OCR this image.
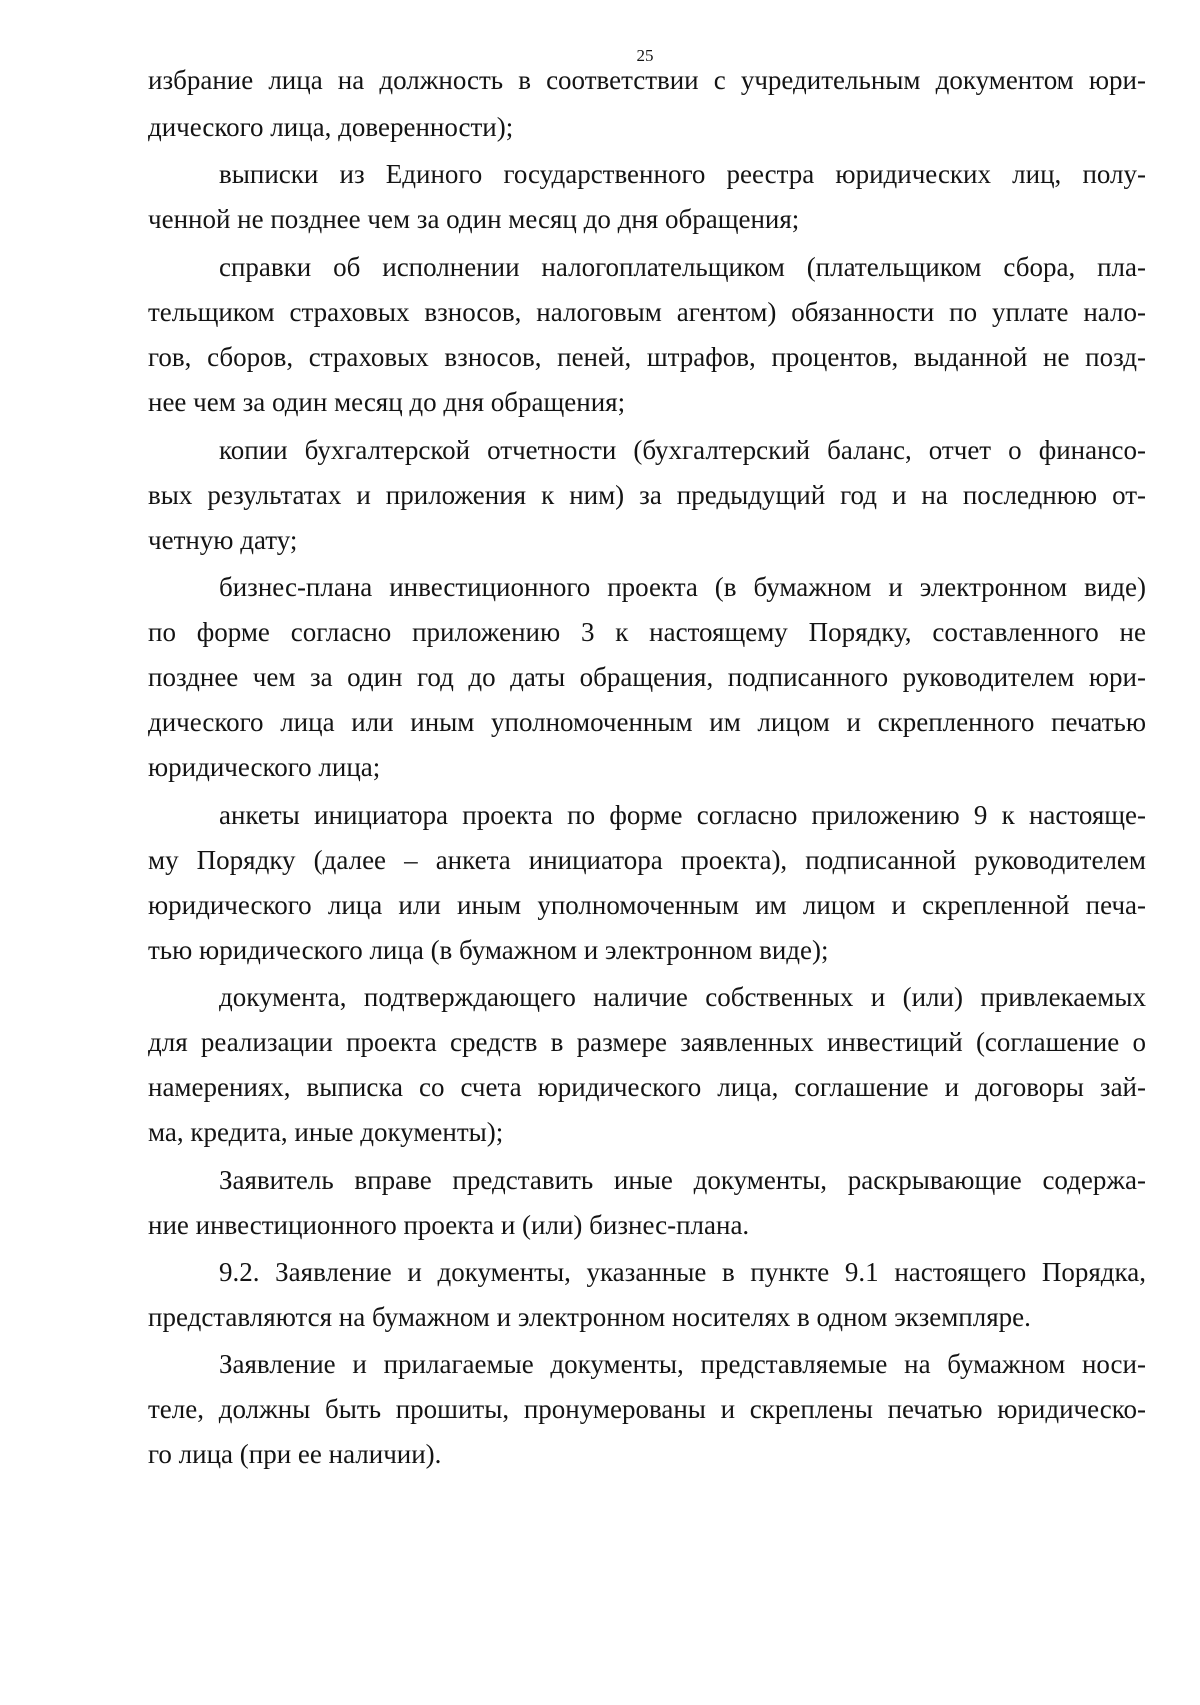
25
избрание лица на должность в соответствии с учредительным документом юри-
дического лица, доверенности);
выписки из Единого государственного реестра юридических лиц, полу-
ченной не позднее чем за один месяц до дня обращения;
справки об исполнении налогоплательщиком (плательщиком сбора, пла-
тельщиком страховых взносов, налоговым агентом) обязанности по уплате нало-
гов, сборов, страховых взносов, пеней, штрафов, процентов, выданной не позд-
нее чем за один месяц до дня обращения;
копии бухгалтерской отчетности (бухгалтерский баланс, отчет о финансо-
вых результатах и приложения к ним) за предыдущий год и на последнюю от-
четную дату;
бизнес-плана инвестиционного проекта (в бумажном и электронном виде)
по форме согласно приложению 3 к настоящему Порядку, составленного не
позднее чем за один год до даты обращения, подписанного руководителем юри-
дического лица или иным уполномоченным им лицом и скрепленного печатью
юридического лица;
анкеты инициатора проекта по форме согласно приложению 9 к настояще-
му Порядку (далее – анкета инициатора проекта), подписанной руководителем
юридического лица или иным уполномоченным им лицом и скрепленной печа-
тью юридического лица (в бумажном и электронном виде);
документа, подтверждающего наличие собственных и (или) привлекаемых
для реализации проекта средств в размере заявленных инвестиций (соглашение о
намерениях, выписка со счета юридического лица, соглашение и договоры зай-
ма, кредита, иные документы);
Заявитель вправе представить иные документы, раскрывающие содержа-
ние инвестиционного проекта и (или) бизнес-плана.
9.2. Заявление и документы, указанные в пункте 9.1 настоящего Порядка,
представляются на бумажном и электронном носителях в одном экземпляре.
Заявление и прилагаемые документы, представляемые на бумажном носи-
теле, должны быть прошиты, пронумерованы и скреплены печатью юридическо-
го лица (при ее наличии).
